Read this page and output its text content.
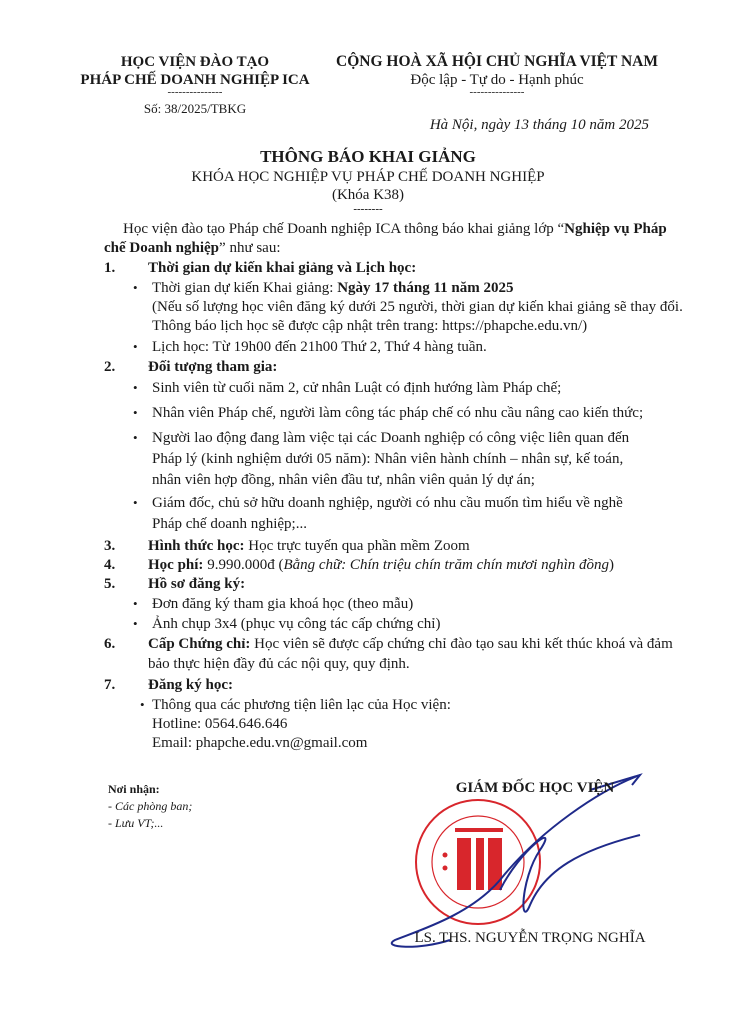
HỌC VIỆN ĐÀO TẠO
PHÁP CHẾ DOANH NGHIỆP ICA
---------------
Số: 38/2025/TBKG
CỘNG HOÀ XÃ HỘI CHỦ NGHĨA VIỆT NAM
Độc lập - Tự do - Hạnh phúc
---------------
Hà Nội, ngày 13 tháng 10 năm 2025
THÔNG BÁO KHAI GIẢNG
KHÓA HỌC NGHIỆP VỤ PHÁP CHẾ DOANH NGHIỆP
(Khóa K38)
--------
Học viện đào tạo Pháp chế Doanh nghiệp ICA thông báo khai giảng lớp “Nghiệp vụ Pháp
chế Doanh nghiệp” như sau:
1. Thời gian dự kiến khai giảng và Lịch học:
• Thời gian dự kiến Khai giảng: Ngày 17 tháng 11 năm 2025
(Nếu số lượng học viên đăng ký dưới 25 người, thời gian dự kiến khai giảng sẽ thay đổi.
Thông báo lịch học sẽ được cập nhật trên trang: https://phapche.edu.vn/)
• Lịch học: Từ 19h00 đến 21h00 Thứ 2, Thứ 4 hàng tuần.
2. Đối tượng tham gia:
• Sinh viên từ cuối năm 2, cử nhân Luật có định hướng làm Pháp chế;
• Nhân viên Pháp chế, người làm công tác pháp chế có nhu cầu nâng cao kiến thức;
• Người lao động đang làm việc tại các Doanh nghiệp có công việc liên quan đến
Pháp lý (kinh nghiệm dưới 05 năm): Nhân viên hành chính – nhân sự, kế toán,
nhân viên hợp đồng, nhân viên đầu tư, nhân viên quản lý dự án;
• Giám đốc, chủ sở hữu doanh nghiệp, người có nhu cầu muốn tìm hiểu về nghề
Pháp chế doanh nghiệp;...
3. Hình thức học: Học trực tuyến qua phần mềm Zoom
4. Học phí: 9.990.000đ (Bằng chữ: Chín triệu chín trăm chín mươi nghìn đồng)
5. Hồ sơ đăng ký:
• Đơn đăng ký tham gia khoá học (theo mẫu)
• Ảnh chụp 3x4 (phục vụ công tác cấp chứng chỉ)
6. Cấp Chứng chỉ: Học viên sẽ được cấp chứng chỉ đào tạo sau khi kết thúc khoá và đảm
bảo thực hiện đầy đủ các nội quy, quy định.
7. Đăng ký học:
• Thông qua các phương tiện liên lạc của Học viện:
Hotline: 0564.646.646
Email: phapche.edu.vn@gmail.com
Nơi nhận:
- Các phòng ban;
- Lưu VT;...
GIÁM ĐỐC HỌC VIỆN
LS. THS. NGUYỄN TRỌNG NGHĨA
